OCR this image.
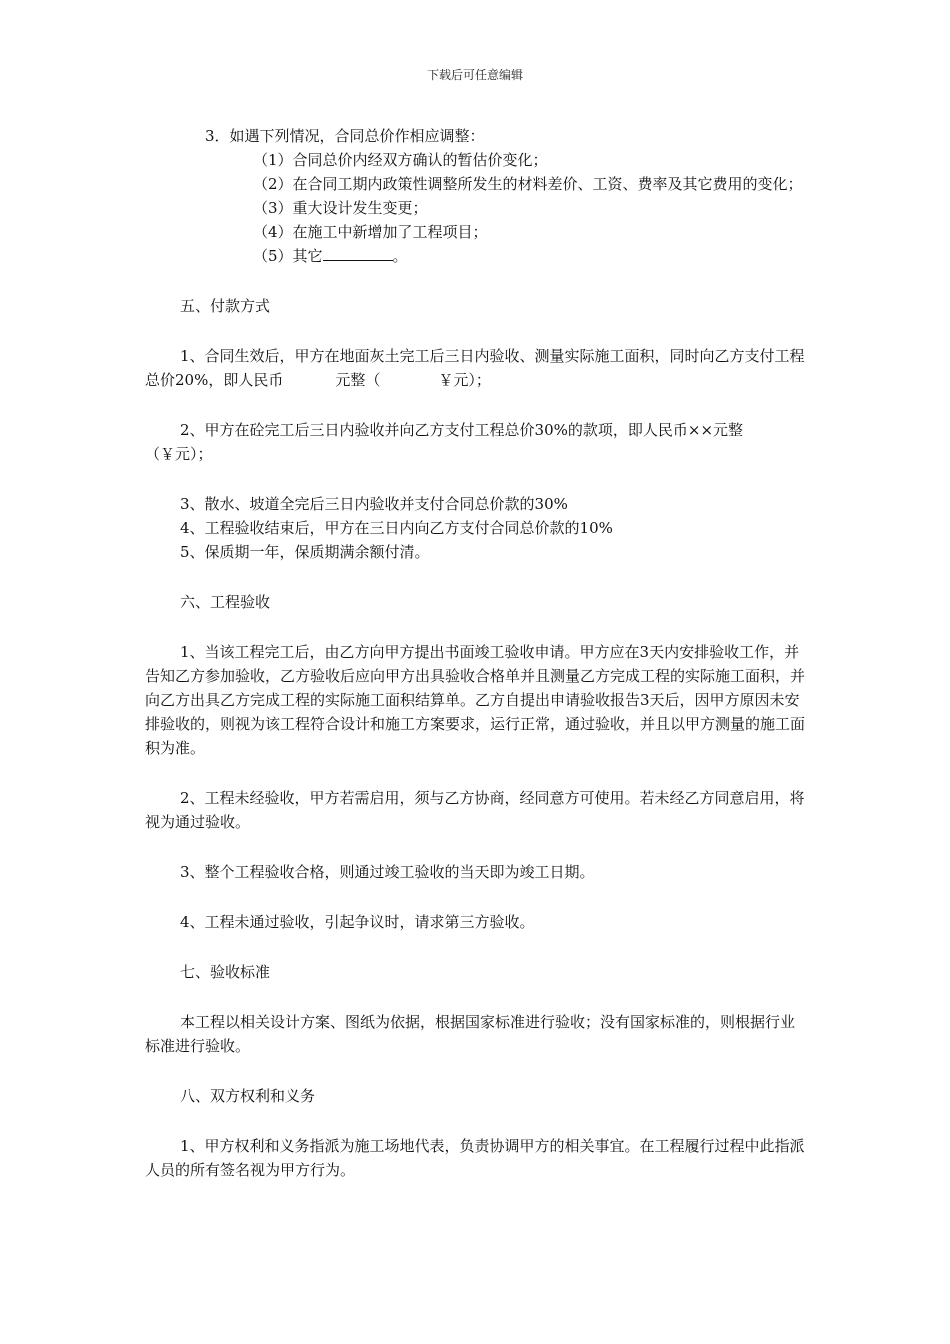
下载后可任意编辑

3．如遇下列情况，合同总价作相应调整：

（1）合同总价内经双方确认的暂估价变化；

（2）在合同工期内政策性调整所发生的材料差价、工资、费率及其它费用的变化；

（3）重大设计发生变更；

（4）在施工中新增加了工程项目；

（5）其它	。

五、付款方式

1、合同生效后，甲方在地面灰土完工后三日内验收、测量实际施工面积，同时向乙方支付工程总价20%，即人民币	元整（	￥元）；

2、甲方在砼完工后三日内验收并向乙方支付工程总价30%的款项，即人民币××元整（￥元）；

3、散水、坡道全完后三日内验收并支付合同总价款的30%

4、工程验收结束后，甲方在三日内向乙方支付合同总价款的10%

5、保质期一年，保质期满余额付清。

六、工程验收

1、当该工程完工后，由乙方向甲方提出书面竣工验收申请。甲方应在3天内安排验收工作，并告知乙方参加验收，乙方验收后应向甲方出具验收合格单并且测量乙方完成工程的实际施工面积，并向乙方出具乙方完成工程的实际施工面积结算单。乙方自提出申请验收报告3天后，因甲方原因未安排验收的，则视为该工程符合设计和施工方案要求，运行正常，通过验收，并且以甲方测量的施工面积为准。

2、工程未经验收，甲方若需启用，须与乙方协商，经同意方可使用。若未经乙方同意启用，将视为通过验收。

3、整个工程验收合格，则通过竣工验收的当天即为竣工日期。

4、工程未通过验收，引起争议时，请求第三方验收。

七、验收标准

本工程以相关设计方案、图纸为依据，根据国家标准进行验收；没有国家标准的，则根据行业标准进行验收。

八、双方权利和义务

1、甲方权利和义务指派为施工场地代表，负责协调甲方的相关事宜。在工程履行过程中此指派人员的所有签名视为甲方行为。
